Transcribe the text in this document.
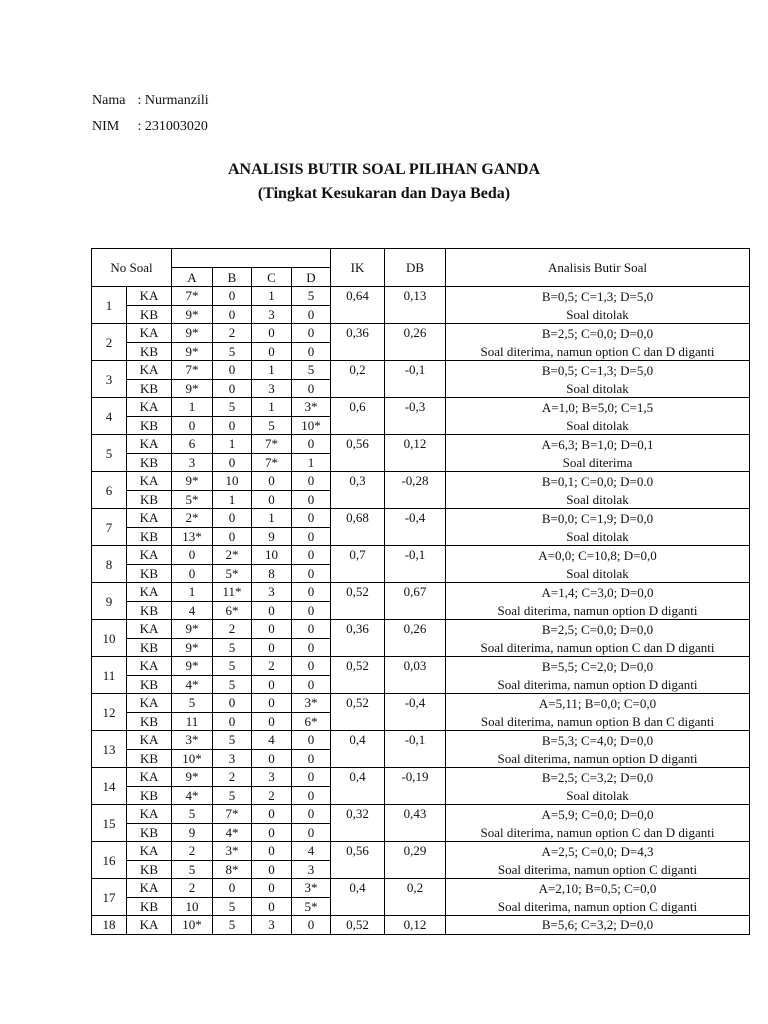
Nama : Nurmanzili
NIM : 231003020
ANALISIS BUTIR SOAL PILIHAN GANDA
(Tingkat Kesukaran dan Daya Beda)
No Soal						IK	DB	Analisis Butir Soal
		A	B	C	D			
1	KA	7*	0	1	5	0,64	0,13	B=0,5; C=1,3; D=5,0
	KB	9*	0	3	0			Soal ditolak
2	KA	9*	2	0	0	0,36	0,26	B=2,5; C=0,0; D=0,0
	KB	9*	5	0	0			Soal diterima, namun option C dan D diganti
3	KA	7*	0	1	5	0,2	-0,1	B=0,5; C=1,3; D=5,0
	KB	9*	0	3	0			Soal ditolak
4	KA	1	5	1	3*	0,6	-0,3	A=1,0; B=5,0; C=1,5
	KB	0	0	5	10*			Soal ditolak
5	KA	6	1	7*	0	0,56	0,12	A=6,3; B=1,0; D=0,1
	KB	3	0	7*	1			Soal diterima
6	KA	9*	10	0	0	0,3	-0,28	B=0,1; C=0,0; D=0.0
	KB	5*	1	0	0			Soal ditolak
7	KA	2*	0	1	0	0,68	-0,4	B=0,0; C=1,9; D=0,0
	KB	13*	0	9	0			Soal ditolak
8	KA	0	2*	10	0	0,7	-0,1	A=0,0; C=10,8; D=0,0
	KB	0	5*	8	0			Soal ditolak
9	KA	1	11*	3	0	0,52	0,67	A=1,4; C=3,0; D=0,0
	KB	4	6*	0	0			Soal diterima, namun option D diganti
10	KA	9*	2	0	0	0,36	0,26	B=2,5; C=0,0; D=0,0
	KB	9*	5	0	0			Soal diterima, namun option C dan D diganti
11	KA	9*	5	2	0	0,52	0,03	B=5,5; C=2,0; D=0,0
	KB	4*	5	0	0			Soal diterima, namun option D diganti
12	KA	5	0	0	3*	0,52	-0,4	A=5,11; B=0,0; C=0,0
	KB	11	0	0	6*			Soal diterima, namun option B dan C diganti
13	KA	3*	5	4	0	0,4	-0,1	B=5,3; C=4,0; D=0,0
	KB	10*	3	0	0			Soal diterima, namun option D diganti
14	KA	9*	2	3	0	0,4	-0,19	B=2,5; C=3,2; D=0,0
	KB	4*	5	2	0			Soal ditolak
15	KA	5	7*	0	0	0,32	0,43	A=5,9; C=0,0; D=0,0
	KB	9	4*	0	0			Soal diterima, namun option C dan D diganti
16	KA	2	3*	0	4	0,56	0,29	A=2,5; C=0,0; D=4,3
	KB	5	8*	0	3			Soal diterima, namun option C diganti
17	KA	2	0	0	3*	0,4	0,2	A=2,10; B=0,5; C=0,0
	KB	10	5	0	5*			Soal diterima, namun option C diganti
18	KA	10*	5	3	0	0,52	0,12	B=5,6; C=3,2; D=0,0
